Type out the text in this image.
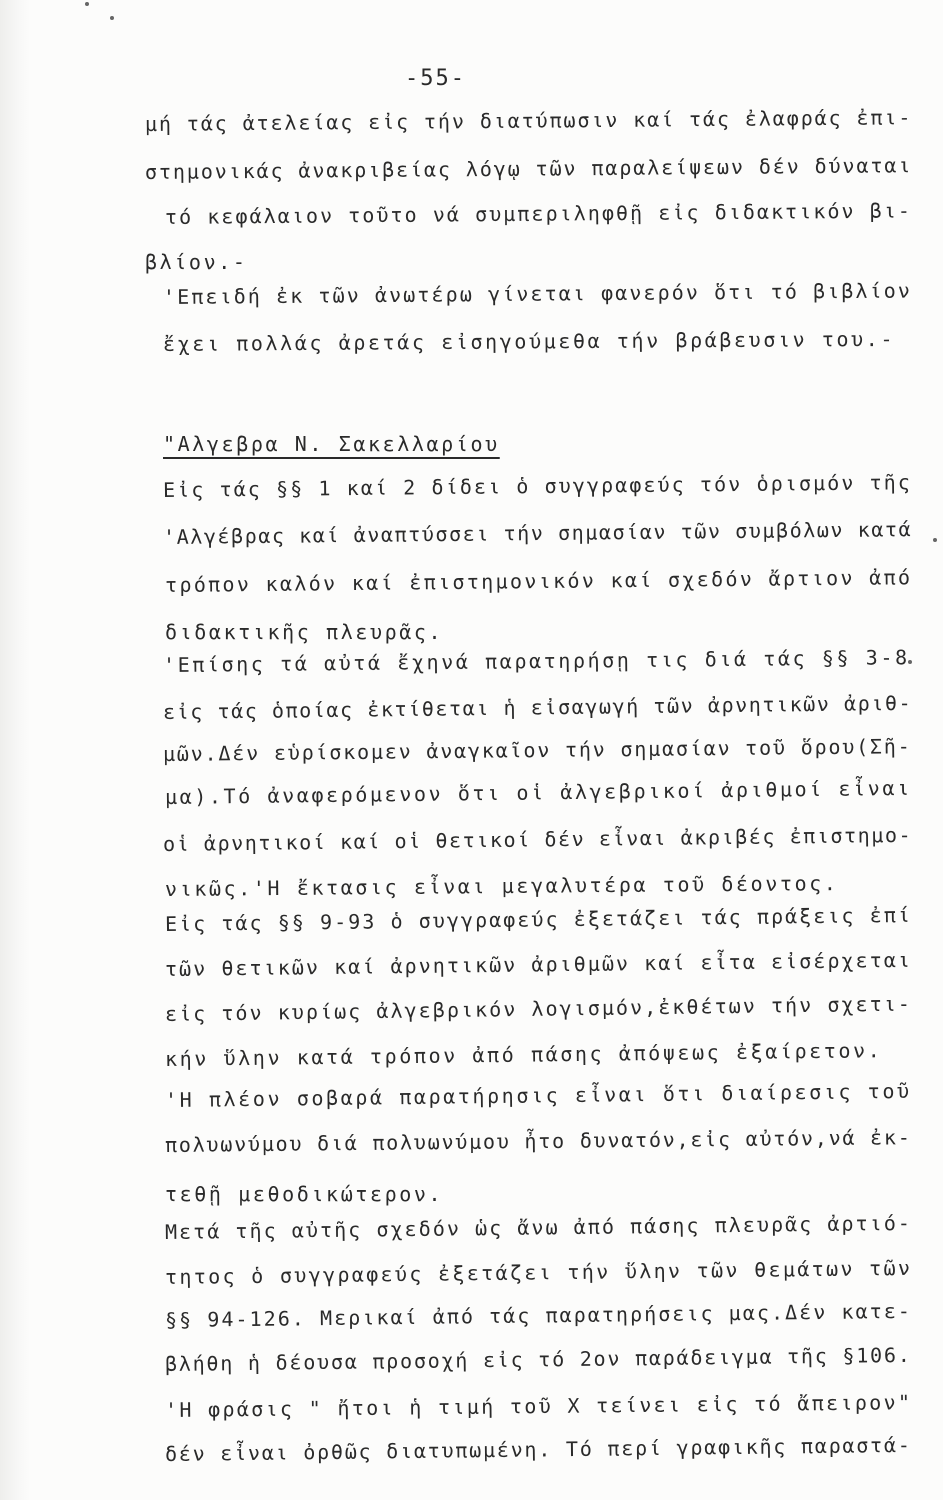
-55-
μή τάς ἀτελείας εἰς τήν διατύπωσιν καί τάς ἐλαφράς ἐπι-
στημονικάς ἀνακριβείας λόγῳ τῶν παραλείψεων δέν δύναται
τό κεφάλαιον τοῦτο νά συμπεριληφθῇ εἰς διδακτικόν βι-
βλίον.-
'Επειδή ἐκ τῶν ἀνωτέρω γίνεται φανερόν ὅτι τό βιβλίον
ἔχει πολλάς ἀρετάς εἰσηγούμεθα τήν βράβευσιν του.-
"Αλγεβρα Ν. Σακελλαρίου
Εἰς τάς §§ 1 καί 2 δίδει ὁ συγγραφεύς τόν ὁρισμόν τῆς
'Αλγέβρας καί ἀναπτύσσει τήν σημασίαν τῶν συμβόλων κατά
τρόπον καλόν καί ἐπιστημονικόν καί σχεδόν ἄρτιον ἀπό
διδακτικῆς πλευρᾶς.
'Επίσης τά αὐτά ἔχηνά παρατηρήσῃ τις διά τάς §§ 3-8
εἰς τάς ὁποίας ἐκτίθεται ἡ εἰσαγωγή τῶν ἀρνητικῶν ἀριθ-
μῶν.Δέν εὑρίσκομεν ἀναγκαῖον τήν σημασίαν τοῦ ὅρου(Σῆ-
μα).Τό ἀναφερόμενον ὅτι οἱ ἀλγεβρικοί ἀριθμοί εἶναι
οἱ ἀρνητικοί καί οἱ θετικοί δέν εἶναι ἀκριβές ἐπιστημο-
νικῶς.'Η ἔκτασις εἶναι μεγαλυτέρα τοῦ δέοντος.
Εἰς τάς §§ 9-93 ὁ συγγραφεύς ἐξετάζει τάς πράξεις ἐπί
τῶν θετικῶν καί ἀρνητικῶν ἀριθμῶν καί εἶτα εἰσέρχεται
εἰς τόν κυρίως ἀλγεβρικόν λογισμόν,ἐκθέτων τήν σχετι-
κήν ὕλην κατά τρόπον ἀπό πάσης ἀπόψεως ἐξαίρετον.
'Η πλέον σοβαρά παρατήρησις εἶναι ὅτι διαίρεσις τοῦ
πολυωνύμου διά πολυωνύμου ἦτο δυνατόν,εἰς αὐτόν,νά ἐκ-
τεθῇ μεθοδικώτερον.
Μετά τῆς αὐτῆς σχεδόν ὡς ἄνω ἀπό πάσης πλευρᾶς ἀρτιό-
τητος ὁ συγγραφεύς ἐξετάζει τήν ὕλην τῶν θεμάτων τῶν
§§ 94-126. Μερικαί ἀπό τάς παρατηρήσεις μας.Δέν κατε-
βλήθη ἡ δέουσα προσοχή εἰς τό 2ον παράδειγμα τῆς §106.
'Η φράσις " ἤτοι ἡ τιμή τοῦ Χ τείνει εἰς τό ἄπειρον"
δέν εἶναι ὀρθῶς διατυπωμένη. Τό περί γραφικῆς παραστά-
